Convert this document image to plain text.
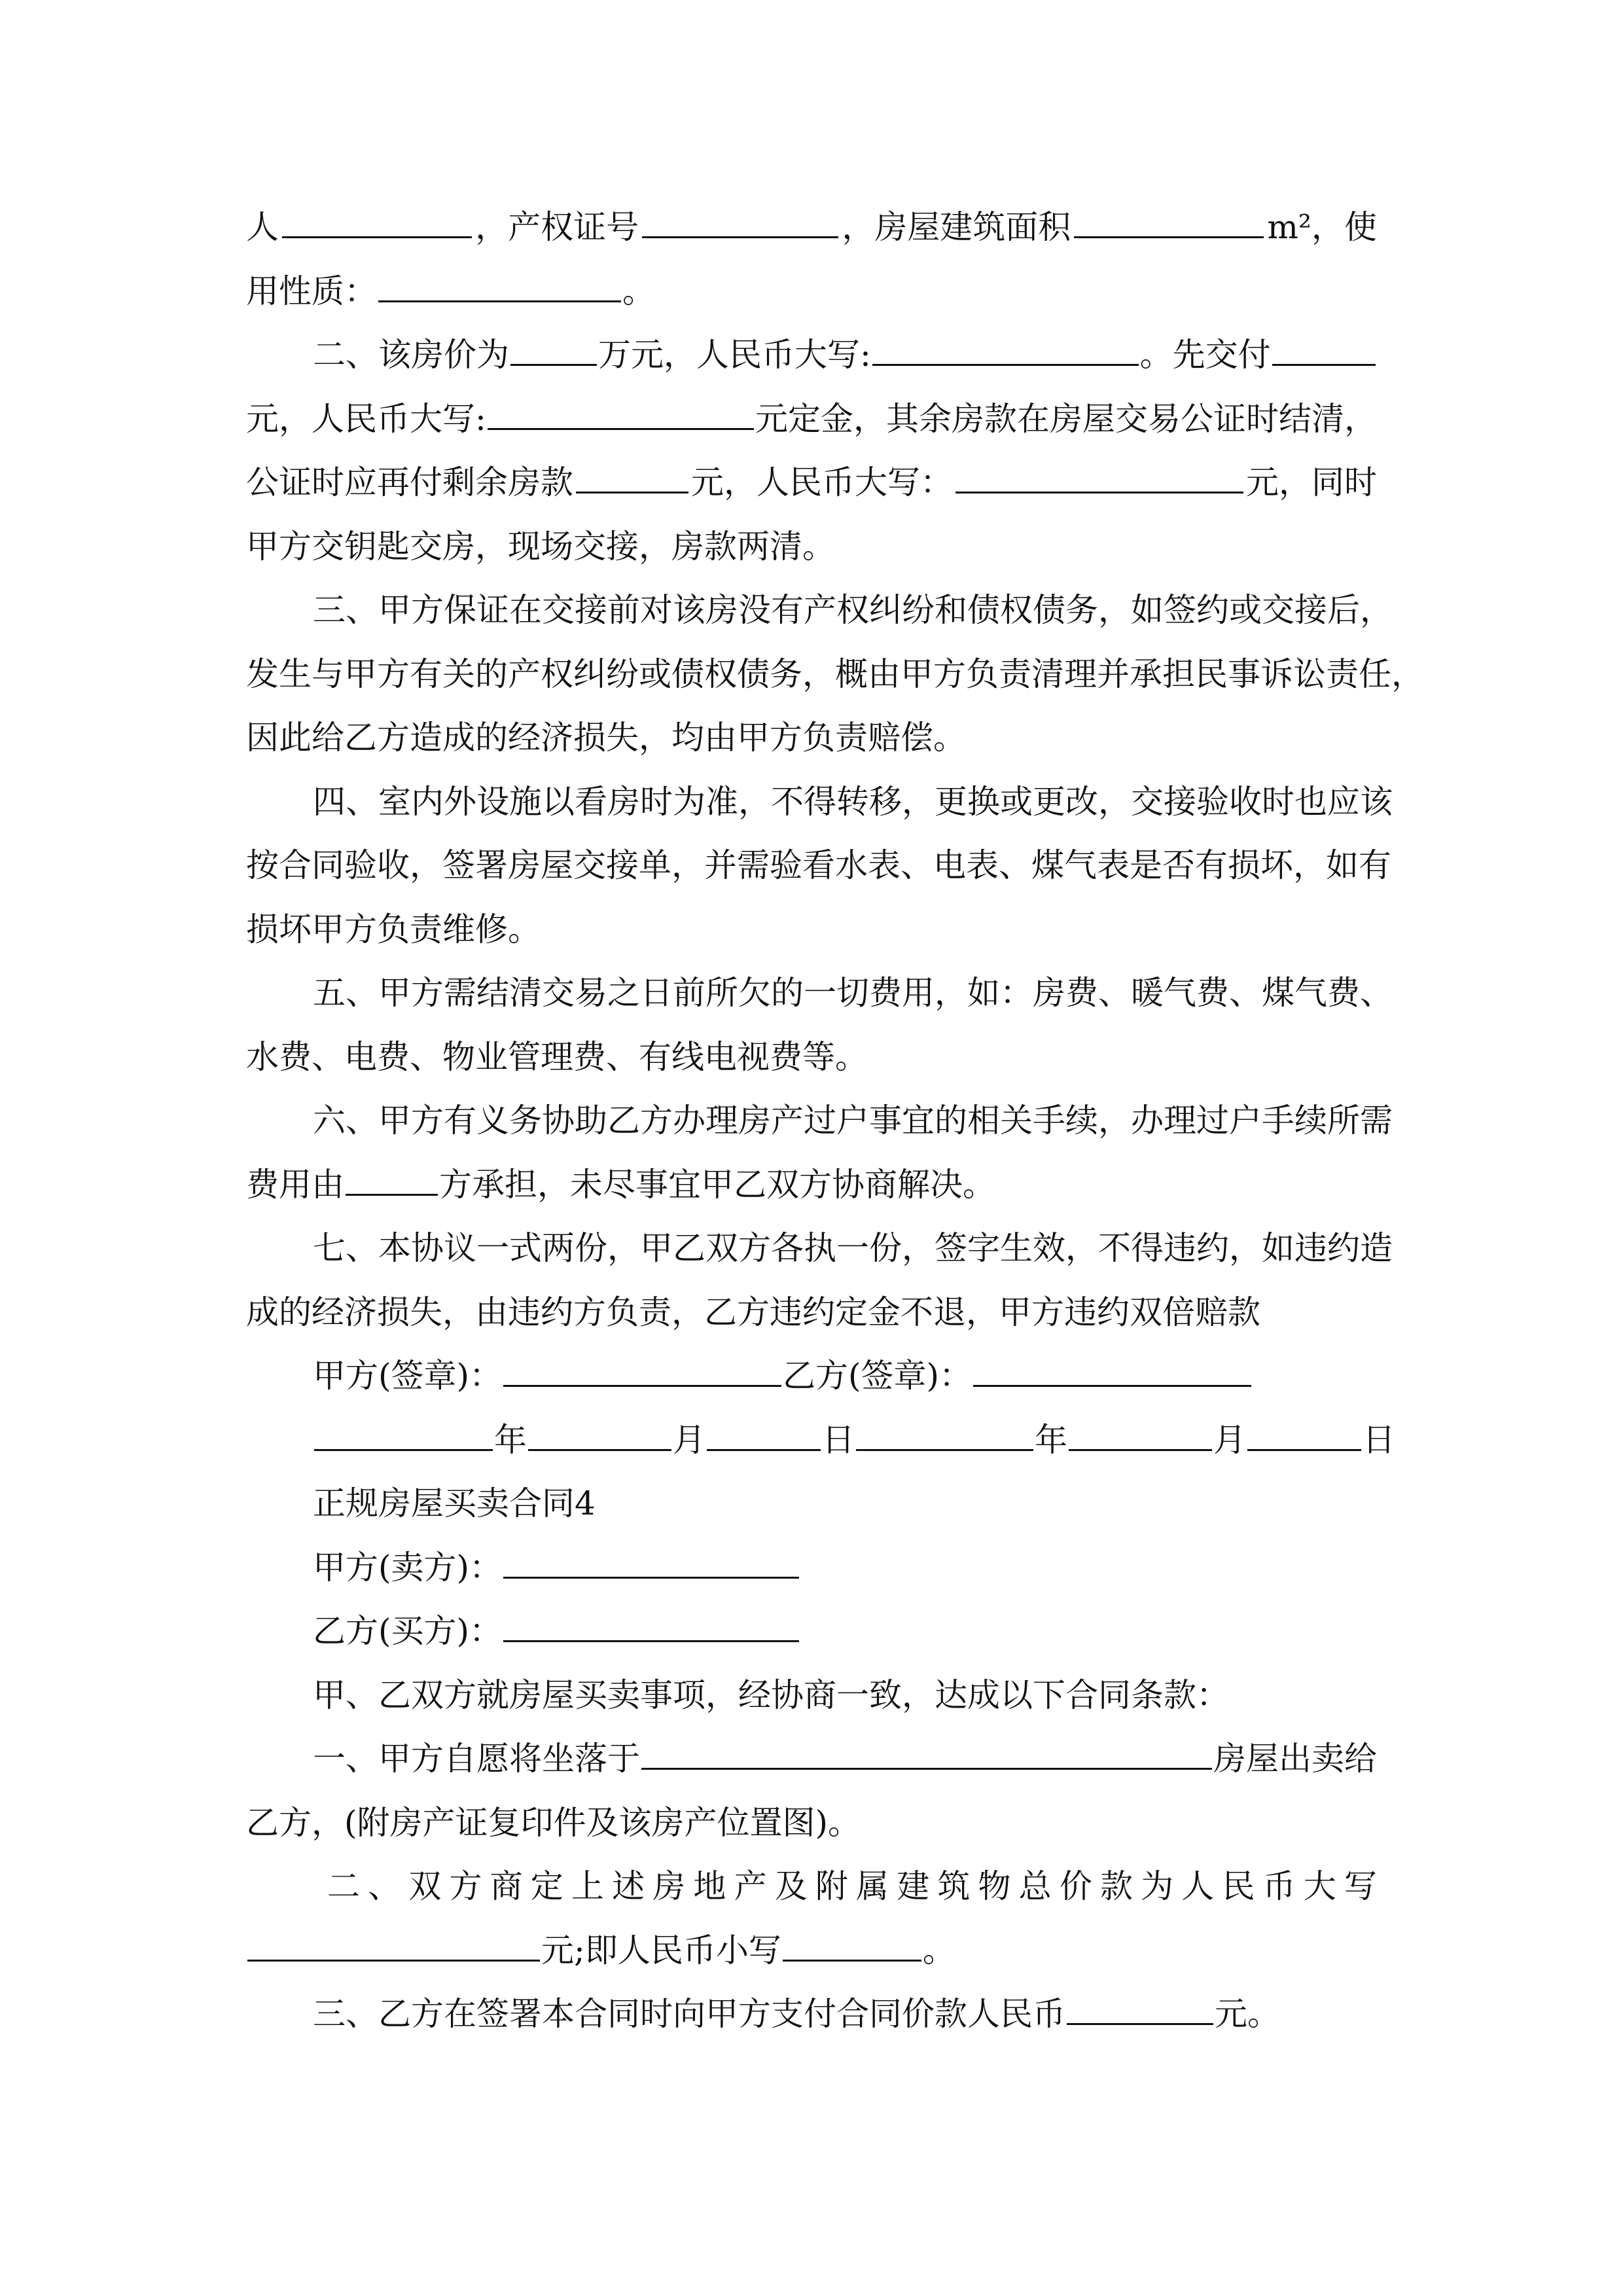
人	，产权证号	，房屋建筑面积	m²，使
用性质：	。
二、该房价为	万元，人民币大写:	。先交付
元，人民币大写:	元定金，其余房款在房屋交易公证时结清，
公证时应再付剩余房款	元，人民币大写：	元，同时
甲方交钥匙交房，现场交接，房款两清。
三、甲方保证在交接前对该房没有产权纠纷和债权债务，如签约或交接后，
发生与甲方有关的产权纠纷或债权债务，概由甲方负责清理并承担民事诉讼责任，
因此给乙方造成的经济损失，均由甲方负责赔偿。
四、室内外设施以看房时为准，不得转移，更换或更改，交接验收时也应该
按合同验收，签署房屋交接单，并需验看水表、电表、煤气表是否有损坏，如有
损坏甲方负责维修。
五、甲方需结清交易之日前所欠的一切费用，如：房费、暖气费、煤气费、
水费、电费、物业管理费、有线电视费等。
六、甲方有义务协助乙方办理房产过户事宜的相关手续，办理过户手续所需
费用由	方承担，未尽事宜甲乙双方协商解决。
七、本协议一式两份，甲乙双方各执一份，签字生效，不得违约，如违约造
成的经济损失，由违约方负责，乙方违约定金不退，甲方违约双倍赔款
甲方(签章)：	乙方(签章)：
年	月	日	年	月	日
正规房屋买卖合同4
甲方(卖方)：
乙方(买方)：
甲、乙双方就房屋买卖事项，经协商一致，达成以下合同条款：
一、甲方自愿将坐落于	房屋出卖给
乙方，(附房产证复印件及该房产位置图)。
二 、 双 方 商 定 上 述 房 地 产 及 附 属 建 筑 物 总 价 款 为 人 民 币 大 写
元;即人民币小写	。
三、乙方在签署本合同时向甲方支付合同价款人民币	元。
